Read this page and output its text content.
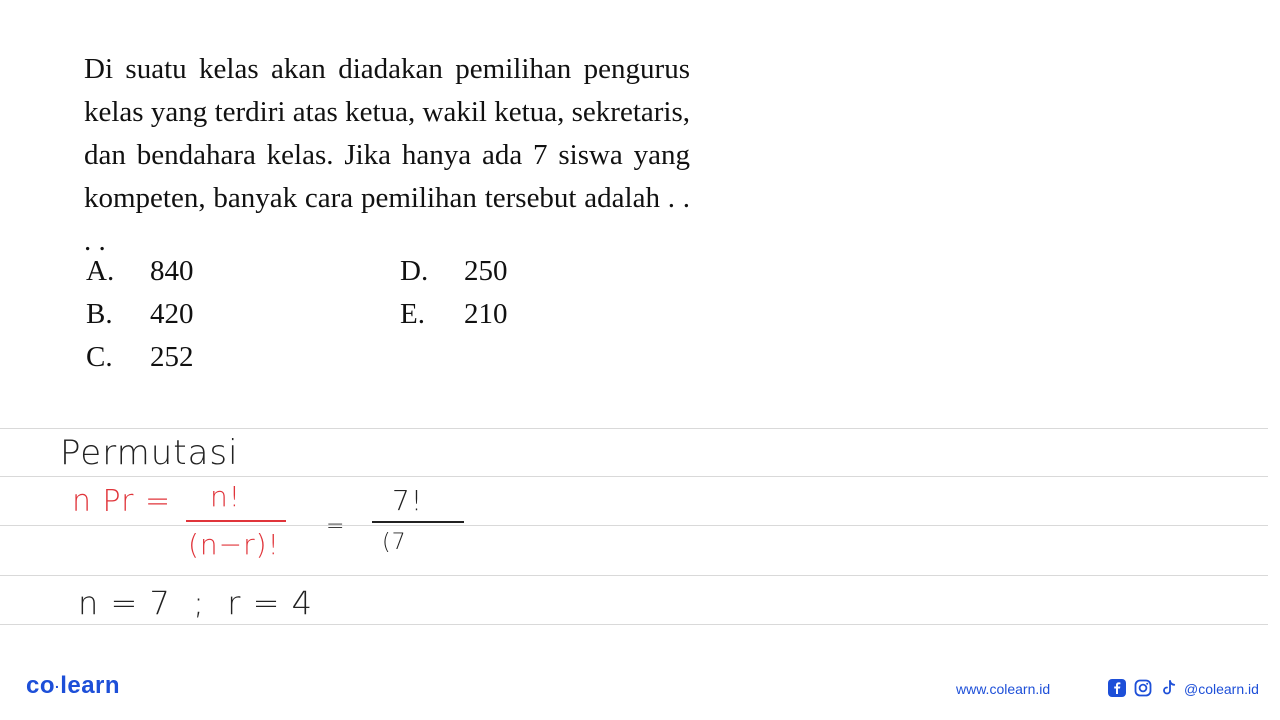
Di suatu kelas akan diadakan pemilihan pengurus kelas yang terdiri atas ketua, wakil ketua, sekretaris, dan bendahara kelas. Jika hanya ada 7 siswa yang kompeten, banyak cara pemilihan tersebut adalah . . . .
A. 840
B. 420
C. 252
D. 250
E. 210
Permutasi
n Pr = n!
(n−r)!
=
7!
(7
n = 7  ;  r = 4
co·learn	www.colearn.id	@colearn.id
